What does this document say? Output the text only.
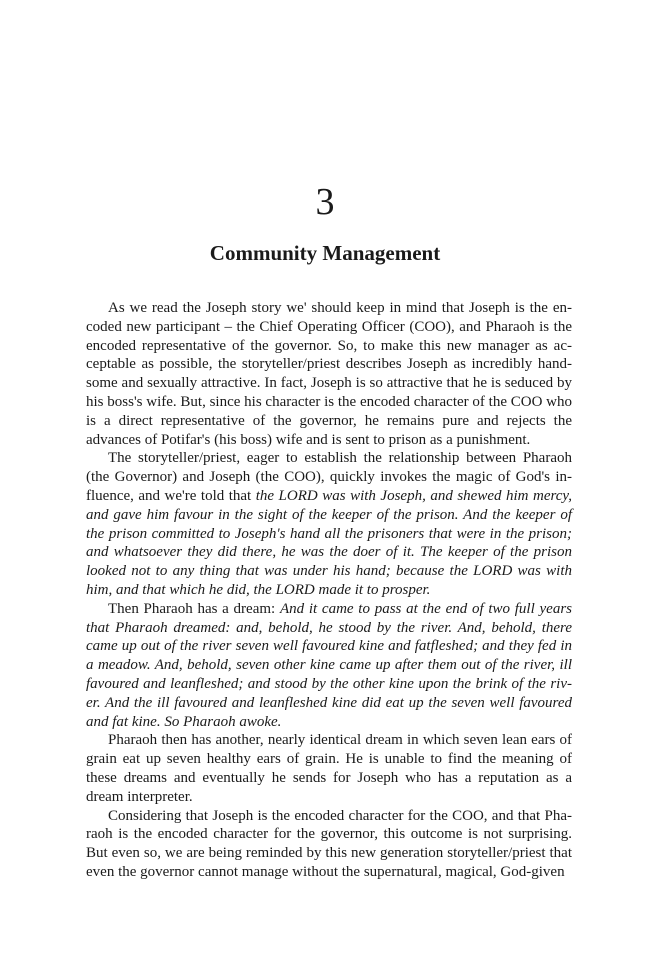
3
Community Management

As we read the Joseph story we' should keep in mind that Joseph is the encoded new participant – the Chief Operating Officer (COO), and Pharaoh is the encoded representative of the governor. So, to make this new manager as acceptable as possible, the storyteller/priest describes Joseph as incredibly handsome and sexually attractive. In fact, Joseph is so attractive that he is seduced by his boss's wife. But, since his character is the encoded character of the COO who is a direct representative of the governor, he remains pure and rejects the advances of Potifar's (his boss) wife and is sent to prison as a punishment.

The storyteller/priest, eager to establish the relationship between Pharaoh (the Governor) and Joseph (the COO), quickly invokes the magic of God's influence, and we're told that the LORD was with Joseph, and shewed him mercy, and gave him favour in the sight of the keeper of the prison. And the keeper of the prison committed to Joseph's hand all the prisoners that were in the prison; and whatsoever they did there, he was the doer of it. The keeper of the prison looked not to any thing that was under his hand; because the LORD was with him, and that which he did, the LORD made it to prosper.

Then Pharaoh has a dream: And it came to pass at the end of two full years that Pharaoh dreamed: and, behold, he stood by the river. And, behold, there came up out of the river seven well favoured kine and fatfleshed; and they fed in a meadow. And, behold, seven other kine came up after them out of the river, ill favoured and leanfleshed; and stood by the other kine upon the brink of the river. And the ill favoured and leanfleshed kine did eat up the seven well favoured and fat kine. So Pharaoh awoke.

Pharaoh then has another, nearly identical dream in which seven lean ears of grain eat up seven healthy ears of grain. He is unable to find the meaning of these dreams and eventually he sends for Joseph who has a reputation as a dream interpreter.

Considering that Joseph is the encoded character for the COO, and that Pharaoh is the encoded character for the governor, this outcome is not surprising. But even so, we are being reminded by this new generation storyteller/priest that even the governor cannot manage without the supernatural, magical, God-given
